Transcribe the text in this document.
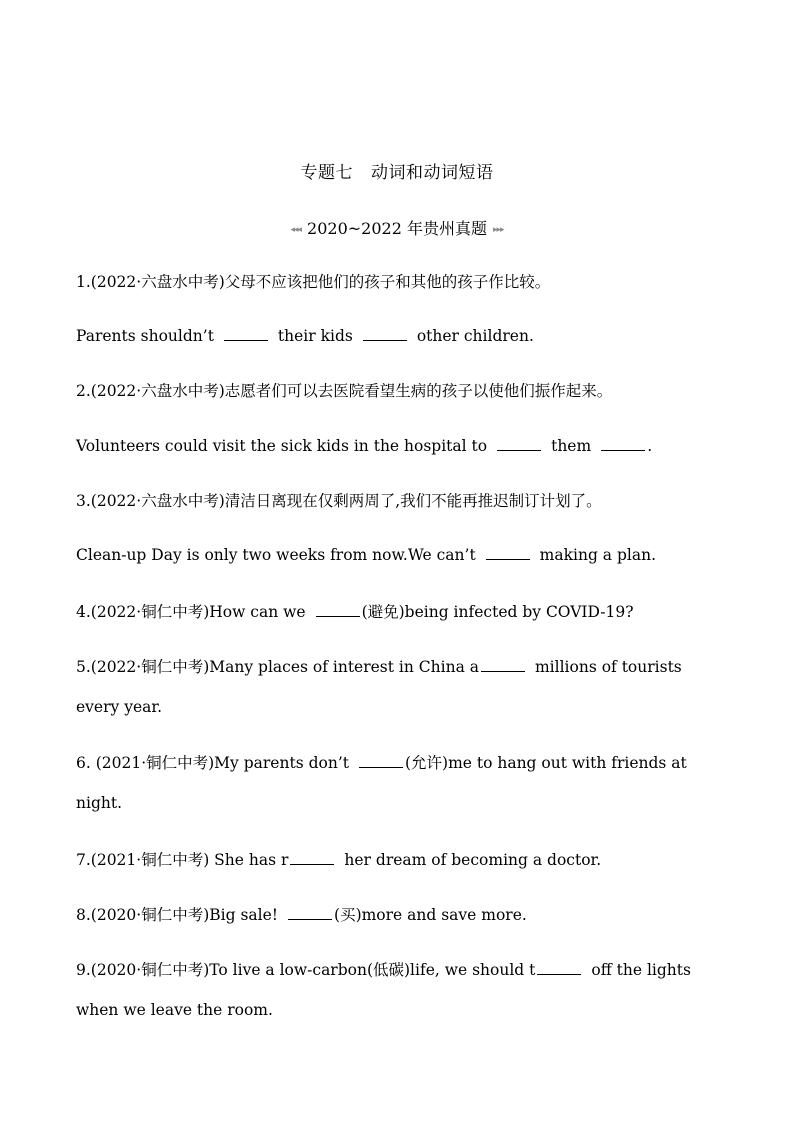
专题七 动词和动词短语
◂◂◂ 2020~2022 年贵州真题 ▸▸▸
1.(2022·六盘水中考)父母不应该把他们的孩子和其他的孩子作比较。
Parents shouldn’t	their kids	other children.
2.(2022·六盘水中考)志愿者们可以去医院看望生病的孩子以使他们振作起来。
Volunteers could visit the sick kids in the hospital to	them	.
3.(2022·六盘水中考)清洁日离现在仅剩两周了,我们不能再推迟制订计划了。
Clean-up Day is only two weeks from now.We can’t	making a plan.
4.(2022·铜仁中考)How can we	(避免)being infected by COVID-19?
5.(2022·铜仁中考)Many places of interest in China a	millions of tourists
every year.
6. (2021·铜仁中考)My parents don’t	(允许)me to hang out with friends at
night.
7.(2021·铜仁中考) She has r	her dream of becoming a doctor.
8.(2020·铜仁中考)Big sale!	(买)more and save more.
9.(2020·铜仁中考)To live a low-carbon(低碳)life, we should t	off the lights
when we leave the room.
